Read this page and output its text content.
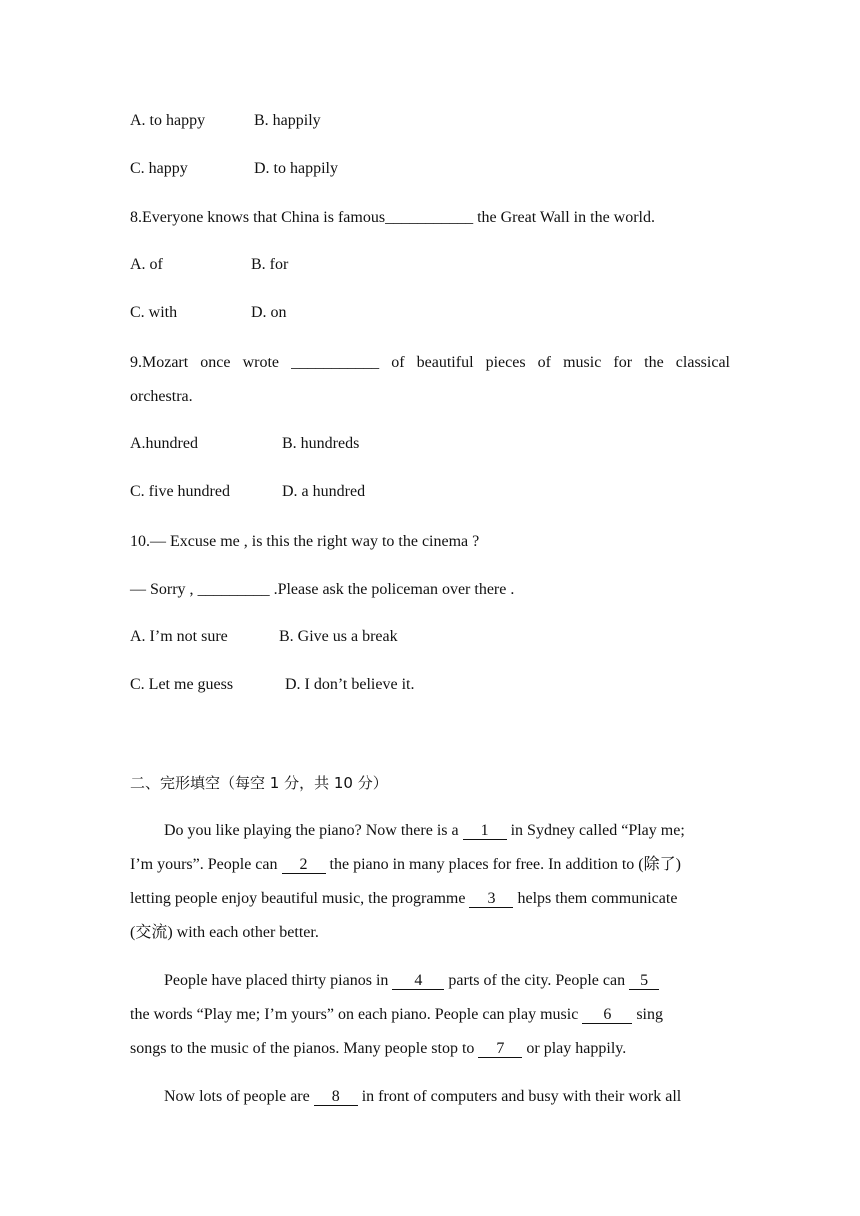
A. to happy	B. happily
C. happy	D. to happily
8.Everyone knows that China is famous___________ the Great Wall in the world.
A. of	B. for
C. with	D. on
9.Mozart once wrote ___________ of beautiful pieces of music for the classical
orchestra.
A.hundred	B. hundreds
C. five hundred	D. a hundred
10.— Excuse me , is this the right way to the cinema ?
— Sorry , _________ .Please ask the policeman over there .
A. I’m not sure	B. Give us a break
C. Let me guess	D. I don’t believe it.
二、完形填空（每空 1 分，共 10 分）
Do you like playing the piano? Now there is a 1 in Sydney called “Play me;
I’m yours”. People can 2 the piano in many places for free. In addition to (除了)
letting people enjoy beautiful music, the programme 3 helps them communicate
(交流) with each other better.
People have placed thirty pianos in 4 parts of the city. People can 5
the words “Play me; I’m yours” on each piano. People can play music 6 sing
songs to the music of the pianos. Many people stop to 7 or play happily.
Now lots of people are 8 in front of computers and busy with their work all
